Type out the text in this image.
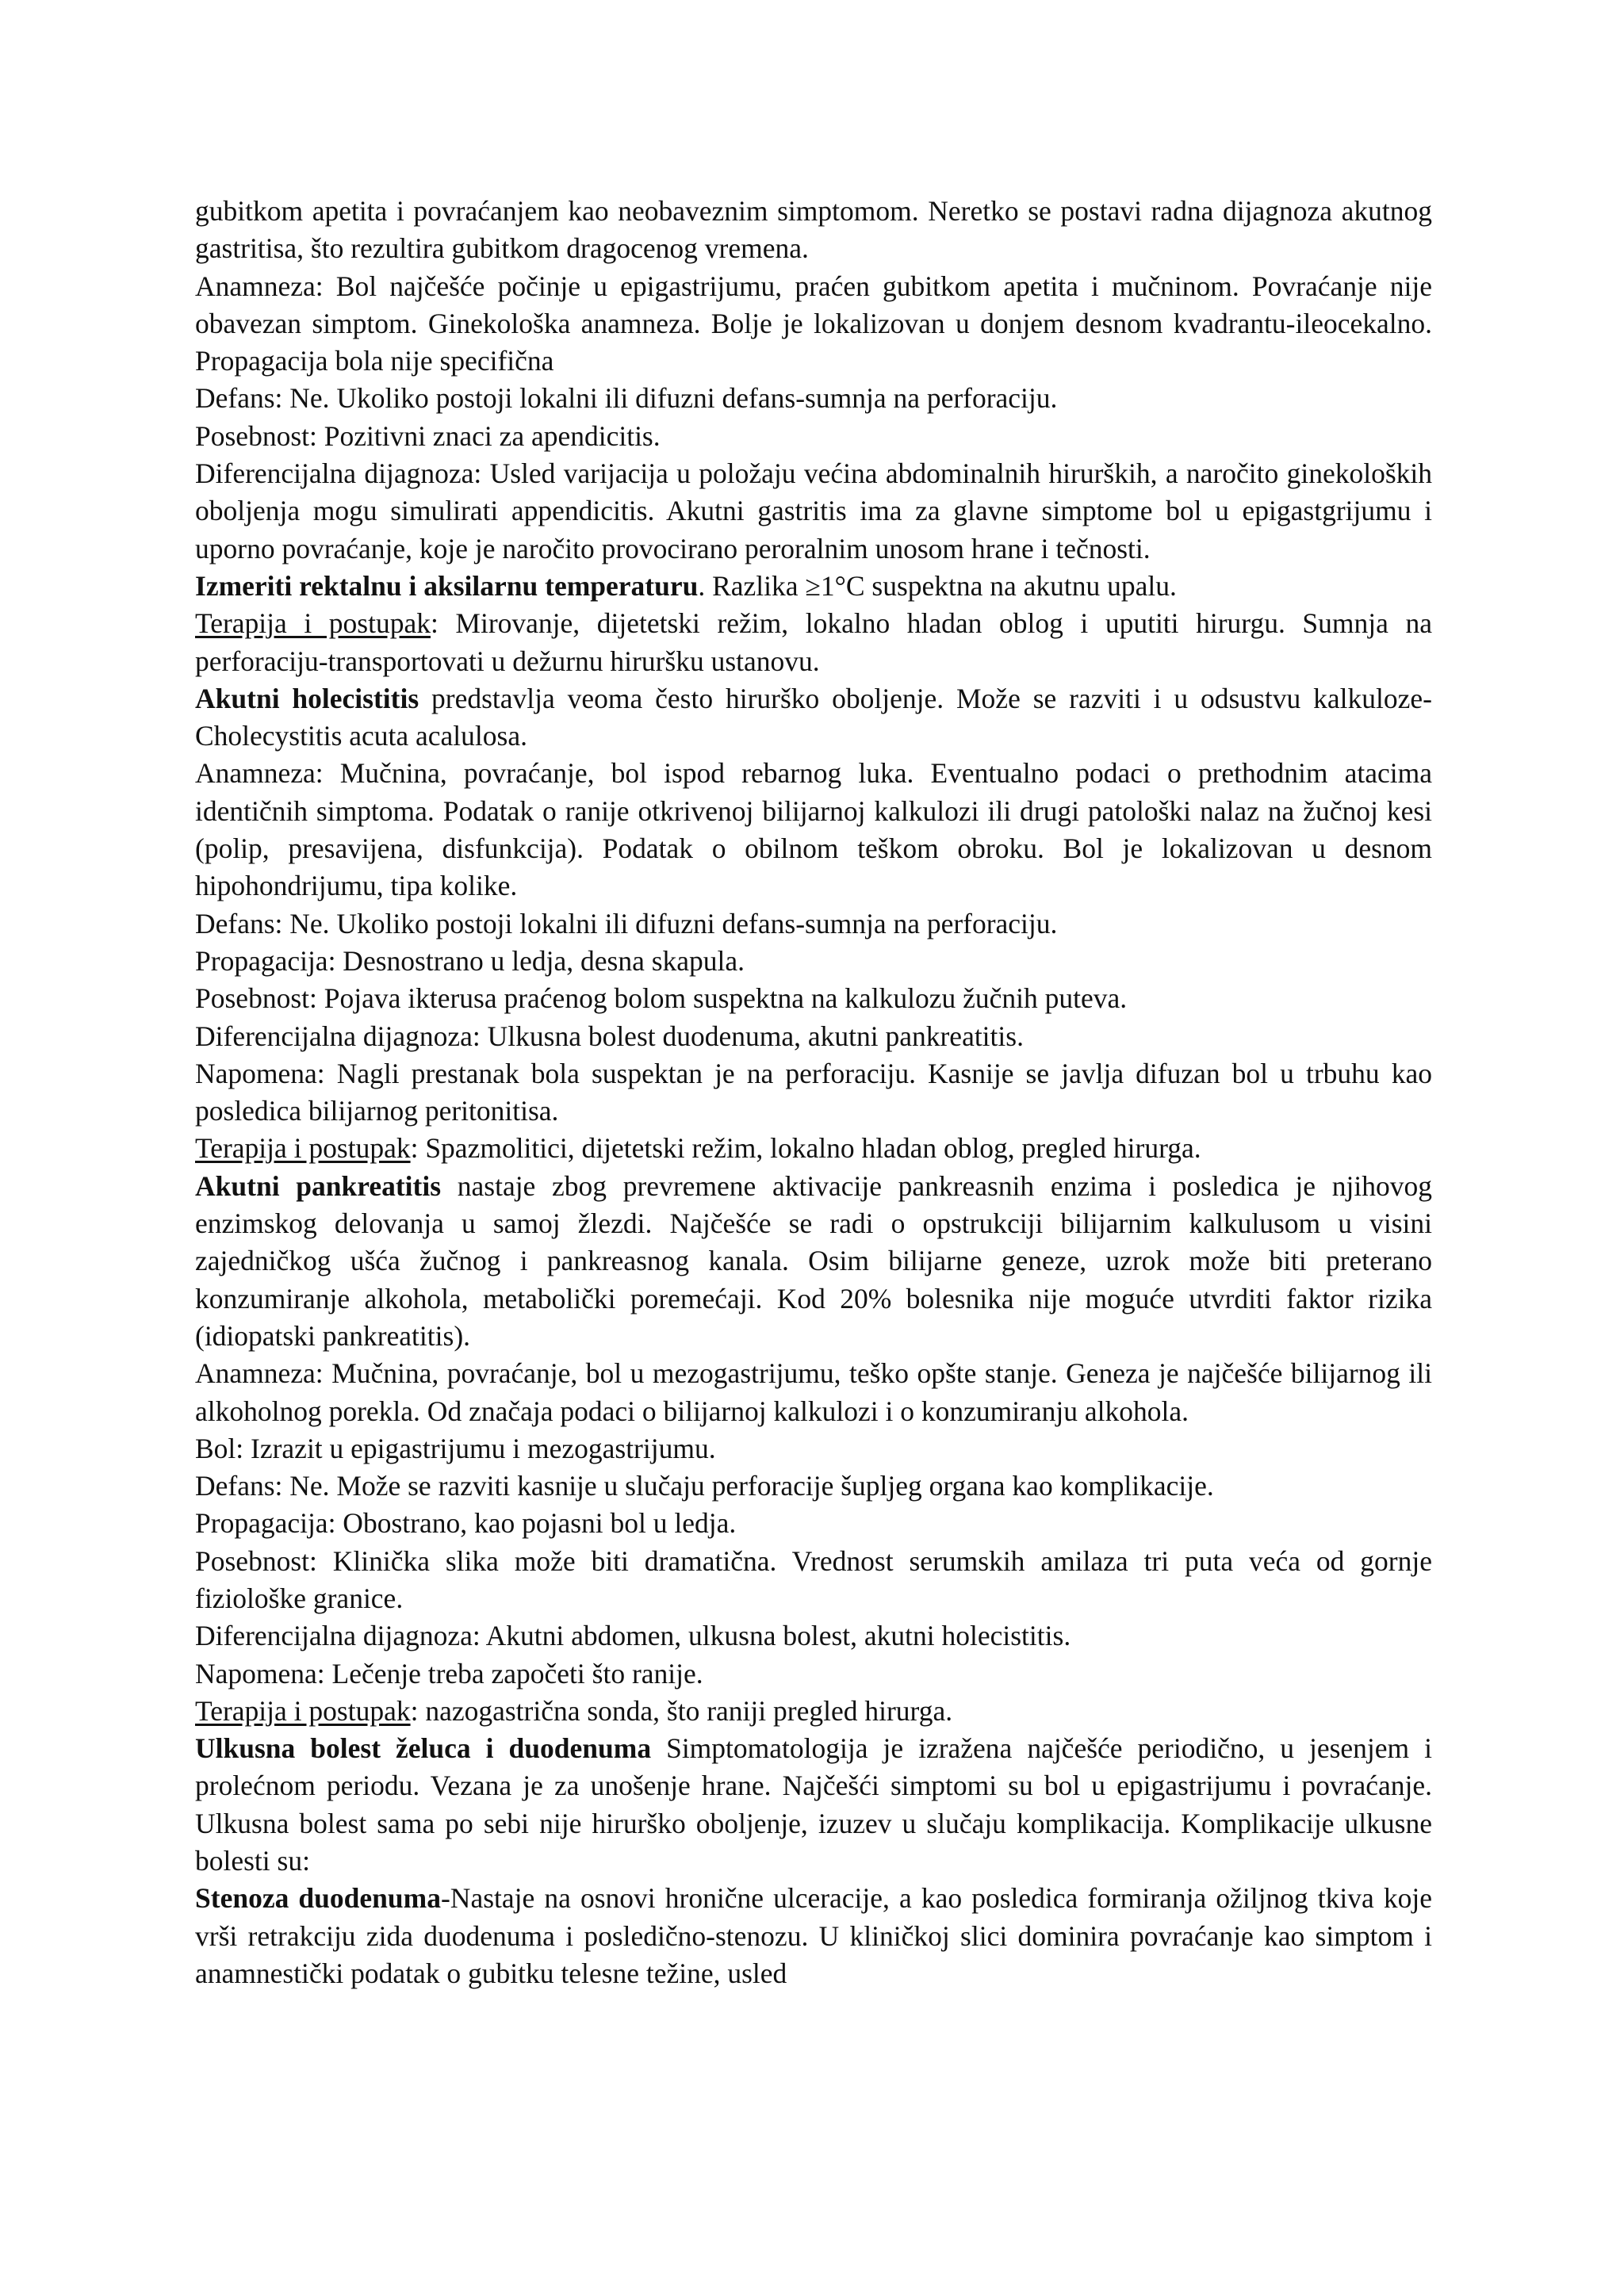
gubitkom apetita i povraćanjem kao neobaveznim simptomom. Neretko se postavi radna dijagnoza akutnog gastritisa, što rezultira gubitkom dragocenog vremena.

Anamneza: Bol najčešće počinje u epigastrijumu, praćen gubitkom apetita i mučninom. Povraćanje nije obavezan simptom. Ginekološka anamneza. Bolje je lokalizovan u donjem desnom kvadrantu-ileocekalno. Propagacija bola nije specifična

Defans: Ne. Ukoliko postoji lokalni ili difuzni defans-sumnja na perforaciju.

Posebnost: Pozitivni znaci za apendicitis.

Diferencijalna dijagnoza: Usled varijacija u položaju većina abdominalnih hirurških, a naročito ginekoloških oboljenja mogu simulirati appendicitis. Akutni gastritis ima za glavne simptome bol u epigastgrijumu i uporno povraćanje, koje je naročito provocirano peroralnim unosom hrane i tečnosti.

Izmeriti rektalnu i aksilarnu temperaturu. Razlika ≥1°C suspektna na akutnu upalu.

Terapija i postupak: Mirovanje, dijetetski režim, lokalno hladan oblog i uputiti hirurgu. Sumnja na perforaciju-transportovati u dežurnu hiruršku ustanovu.

Akutni holecistitis predstavlja veoma često hirurško oboljenje. Može se razviti i u odsustvu kalkuloze-Cholecystitis acuta acalulosa.

Anamneza: Mučnina, povraćanje, bol ispod rebarnog luka. Eventualno podaci o prethodnim atacima identičnih simptoma. Podatak o ranije otkrivenoj bilijarnoj kalkulozi ili drugi patološki nalaz na žučnoj kesi (polip, presavijena, disfunkcija). Podatak o obilnom teškom obroku. Bol je lokalizovan u desnom hipohondrijumu, tipa kolike.

Defans: Ne. Ukoliko postoji lokalni ili difuzni defans-sumnja na perforaciju.

Propagacija: Desnostrano u ledja, desna skapula.

Posebnost: Pojava ikterusa praćenog bolom suspektna na kalkulozu žučnih puteva.

Diferencijalna dijagnoza: Ulkusna bolest duodenuma, akutni pankreatitis.

Napomena: Nagli prestanak bola suspektan je na perforaciju. Kasnije se javlja difuzan bol u trbuhu kao posledica bilijarnog peritonitisa.

Terapija i postupak: Spazmolitici, dijetetski režim, lokalno hladan oblog, pregled hirurga.

Akutni pankreatitis nastaje zbog prevremene aktivacije pankreasnih enzima i posledica je njihovog enzimskog delovanja u samoj žlezdi. Najčešće se radi o opstrukciji bilijarnim kalkulusom u visini zajedničkog ušća žučnog i pankreasnog kanala. Osim bilijarne geneze, uzrok može biti preterano konzumiranje alkohola, metabolički poremećaji. Kod 20% bolesnika nije moguće utvrditi faktor rizika (idiopatski pankreatitis).

Anamneza: Mučnina, povraćanje, bol u mezogastrijumu, teško opšte stanje. Geneza je najčešće bilijarnog ili alkoholnog porekla. Od značaja podaci o bilijarnoj kalkulozi i o konzumiranju alkohola.

Bol: Izrazit u epigastrijumu i mezogastrijumu.

Defans: Ne. Može se razviti kasnije u slučaju perforacije šupljeg organa kao komplikacije.

Propagacija: Obostrano, kao pojasni bol u ledja.

Posebnost: Klinička slika može biti dramatična. Vrednost serumskih amilaza tri puta veća od gornje fiziološke granice.

Diferencijalna dijagnoza: Akutni abdomen, ulkusna bolest, akutni holecistitis.

Napomena: Lečenje treba započeti što ranije.

Terapija i postupak: nazogastrična sonda, što raniji pregled hirurga.

Ulkusna bolest želuca i duodenuma Simptomatologija je izražena najčešće periodično, u jesenjem i prolećnom periodu. Vezana je za unošenje hrane. Najčešći simptomi su bol u epigastrijumu i povraćanje. Ulkusna bolest sama po sebi nije hirurško oboljenje, izuzev u slučaju komplikacija. Komplikacije ulkusne bolesti su:

Stenoza duodenuma-Nastaje na osnovi hronične ulceracije, a kao posledica formiranja ožiljnog tkiva koje vrši retrakciju zida duodenuma i posledično-stenozu. U kliničkoj slici dominira povraćanje kao simptom i anamnestički podatak o gubitku telesne težine, usled
